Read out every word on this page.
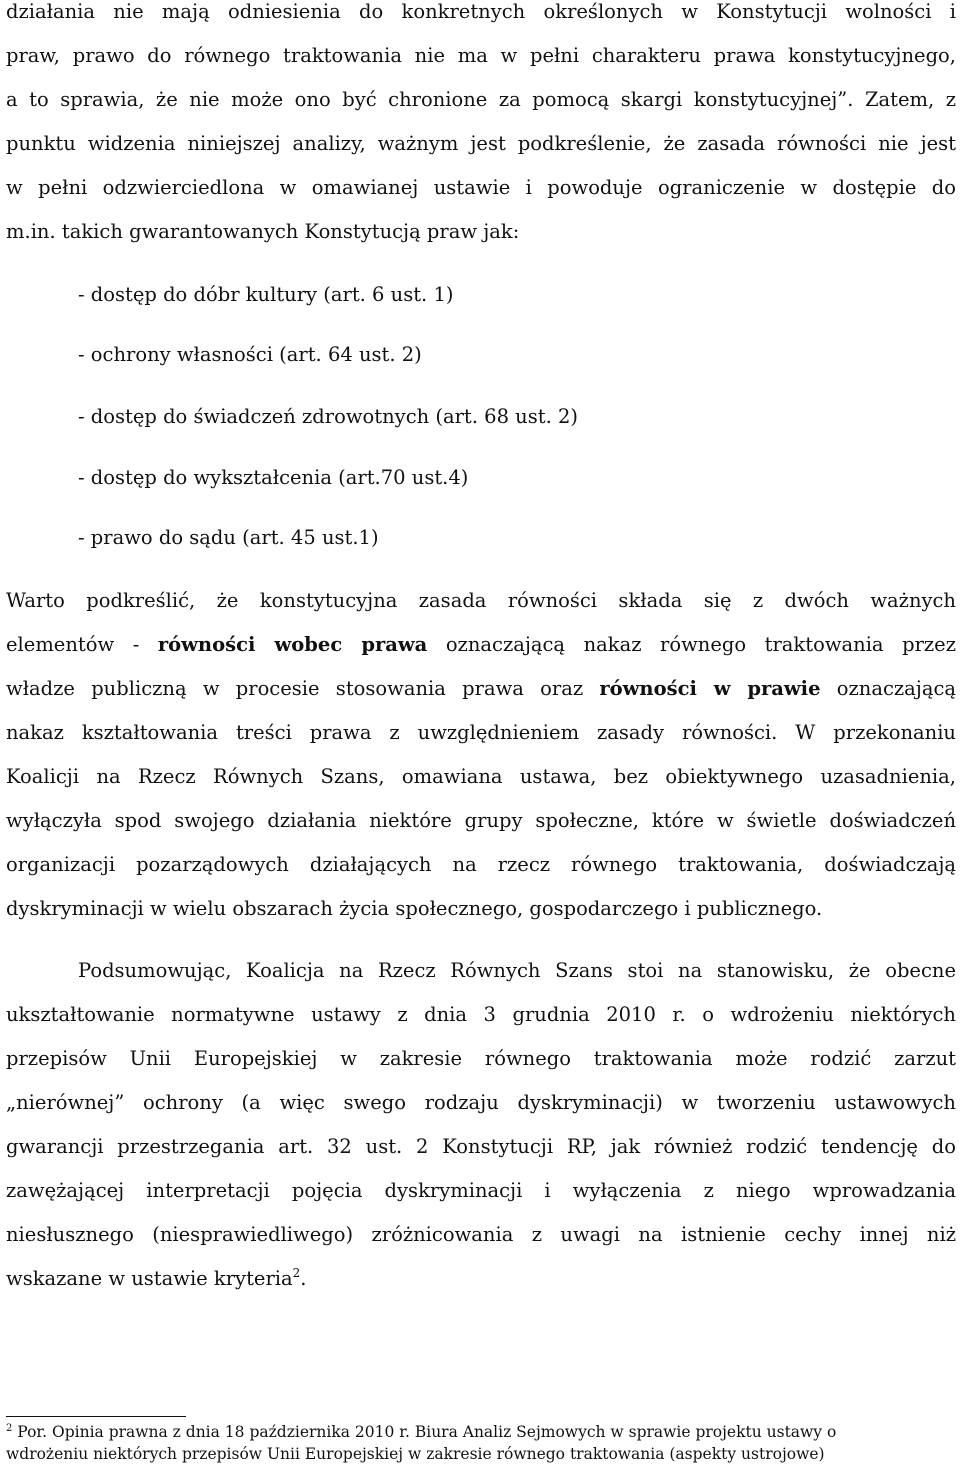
działania nie mają odniesienia do konkretnych określonych w Konstytucji wolności i
praw, prawo do równego traktowania nie ma w pełni charakteru prawa konstytucyjnego,
a to sprawia, że nie może ono być chronione za pomocą skargi konstytucyjnej”. Zatem, z
punktu widzenia niniejszej analizy, ważnym jest podkreślenie, że zasada równości nie jest
w pełni odzwierciedlona w omawianej ustawie i powoduje ograniczenie w dostępie do
m.in. takich gwarantowanych Konstytucją praw jak:
- dostęp do dóbr kultury (art. 6 ust. 1)
- ochrony własności (art. 64 ust. 2)
- dostęp do świadczeń zdrowotnych (art. 68 ust. 2)
- dostęp do wykształcenia (art.70 ust.4)
- prawo do sądu (art. 45 ust.1)
Warto podkreślić, że konstytucyjna zasada równości składa się z dwóch ważnych
elementów - równości wobec prawa oznaczającą nakaz równego traktowania przez
władze publiczną w procesie stosowania prawa oraz równości w prawie oznaczającą
nakaz kształtowania treści prawa z uwzględnieniem zasady równości. W przekonaniu
Koalicji na Rzecz Równych Szans, omawiana ustawa, bez obiektywnego uzasadnienia,
wyłączyła spod swojego działania niektóre grupy społeczne, które w świetle doświadczeń
organizacji pozarządowych działających na rzecz równego traktowania, doświadczają
dyskryminacji w wielu obszarach życia społecznego, gospodarczego i publicznego.
Podsumowując, Koalicja na Rzecz Równych Szans stoi na stanowisku, że obecne
ukształtowanie normatywne ustawy z dnia 3 grudnia 2010 r. o wdrożeniu niektórych
przepisów Unii Europejskiej w zakresie równego traktowania może rodzić zarzut
„nierównej” ochrony (a więc swego rodzaju dyskryminacji) w tworzeniu ustawowych
gwarancji przestrzegania art. 32 ust. 2 Konstytucji RP, jak również rodzić tendencję do
zawężającej interpretacji pojęcia dyskryminacji i wyłączenia z niego wprowadzania
niesłusznego (niesprawiedliwego) zróżnicowania z uwagi na istnienie cechy innej niż
wskazane w ustawie kryteria$^2$.
$^2$ Por. Opinia prawna z dnia 18 października 2010 r. Biura Analiz Sejmowych w sprawie projektu ustawy o
wdrożeniu niektórych przepisów Unii Europejskiej w zakresie równego traktowania (aspekty ustrojowe)
